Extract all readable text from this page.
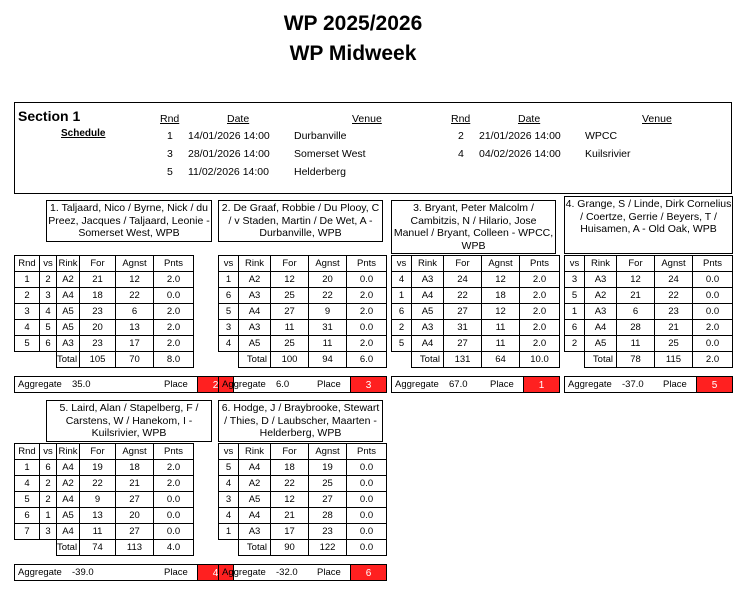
WP 2025/2026
WP Midweek
Section 1
Schedule
Rnd	Date	Venue	Rnd	Date	Venue
1 14/01/2026 14:00 Durbanville
3 28/01/2026 14:00 Somerset West
5 11/02/2026 14:00 Helderberg
2 21/01/2026 14:00 WPCC
4 04/02/2026 14:00 Kuilsrivier
1. Taljaard, Nico / Byrne, Nick / du Preez, Jacques / Taljaard, Leonie - Somerset West, WPB
Rnd	vs	Rink	For	Agnst	Pnts
1	2	A2	21	12	2.0
2	3	A4	18	22	0.0
3	4	A5	23	6	2.0
4	5	A5	20	13	2.0
5	6	A3	23	17	2.0
		Total	105	70	8.0
Aggregate 35.0	Place	2
2. De Graaf, Robbie / Du Plooy, C / v Staden, Martin / De Wet, A - Durbanville, WPB
vs	Rink	For	Agnst	Pnts
1	A2	12	20	0.0
6	A3	25	22	2.0
5	A4	27	9	2.0
3	A3	11	31	0.0
4	A5	25	11	2.0
	Total	100	94	6.0
Aggregate 6.0	Place	3
3. Bryant, Peter Malcolm / Cambitzis, N / Hilario, Jose Manuel / Bryant, Colleen - WPCC, WPB
vs	Rink	For	Agnst	Pnts
4	A3	24	12	2.0
1	A4	22	18	2.0
6	A5	27	12	2.0
2	A3	31	11	2.0
5	A4	27	11	2.0
	Total	131	64	10.0
Aggregate 67.0 Place	1
4. Grange, S / Linde, Dirk Cornelius / Coertze, Gerrie / Beyers, T / Huisamen, A - Old Oak, WPB
vs	Rink	For	Agnst	Pnts
3	A3	12	24	0.0
5	A2	21	22	0.0
1	A3	6	23	0.0
6	A4	28	21	2.0
2	A5	11	25	0.0
	Total	78	115	2.0
Aggregate -37.0 Place	5
5. Laird, Alan / Stapelberg, F / Carstens, W / Hanekom, I - Kuilsrivier, WPB
Rnd	vs	Rink	For	Agnst	Pnts
1	6	A4	19	18	2.0
4	2	A2	22	21	2.0
5	2	A4	9	27	0.0
6	1	A5	13	20	0.0
7	3	A4	11	27	0.0
		Total	74	113	4.0
Aggregate -39.0	Place	4
6. Hodge, J / Braybrooke, Stewart / Thies, D / Laubscher, Maarten - Helderberg, WPB
vs	Rink	For	Agnst	Pnts
5	A4	18	19	0.0
4	A2	22	25	0.0
3	A5	12	27	0.0
4	A4	21	28	0.0
1	A3	17	23	0.0
	Total	90	122	0.0
Aggregate -32.0 Place	6
